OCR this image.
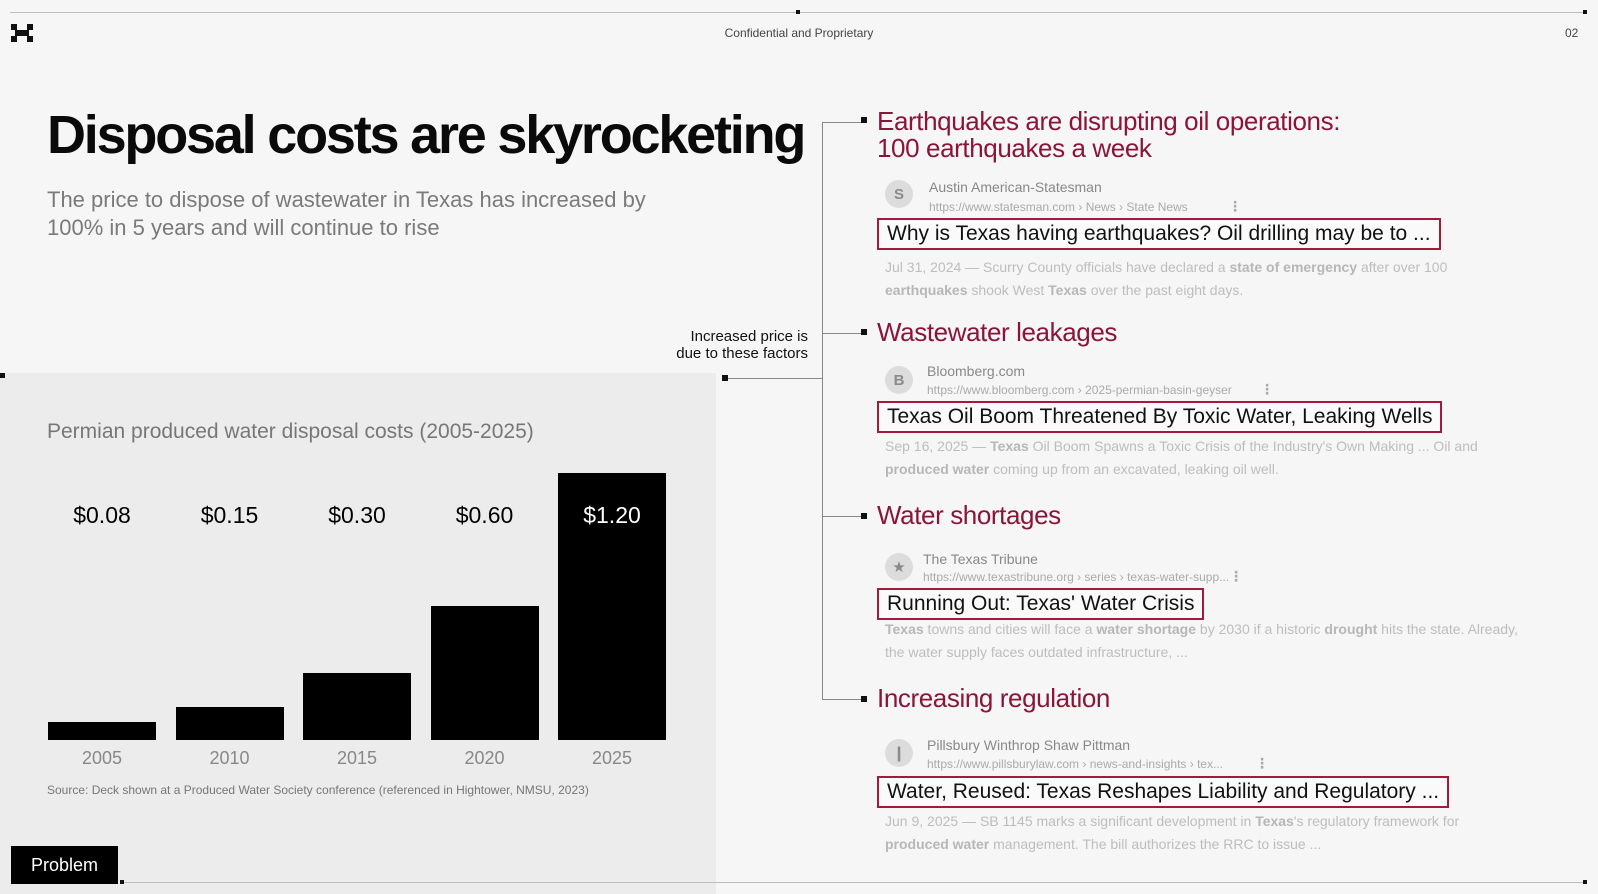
Confidential and Proprietary	02
Disposal costs are skyrocketing

The price to dispose of wastewater in Texas has increased by 100% in 5 years and will continue to rise

Permian produced water disposal costs (2005-2025)
$0.08
2005
$0.15
2010
$0.30
2015
$0.60
2020
$1.20
2025
Source: Deck shown at a Produced Water Society conference (referenced in Hightower, NMSU, 2023)
Problem
Increased price is
due to these factors
Earthquakes are disrupting oil operations:
100 earthquakes a week
S	Austin American-Statesman
https://www.statesman.com › News › State News	⋮
Why is Texas having earthquakes? Oil drilling may be to ...
Jul 31, 2024 — Scurry County officials have declared a state of emergency after over 100
earthquakes shook West Texas over the past eight days.
Wastewater leakages
B
Bloomberg.com
https://www.bloomberg.com › 2025-permian-basin-geyser ⋮
Texas Oil Boom Threatened By Toxic Water, Leaking Wells
Sep 16, 2025 — Texas Oil Boom Spawns a Toxic Crisis of the Industry's Own Making ... Oil and
produced water coming up from an excavated, leaking oil well.
Water shortages
★	The Texas Tribune
https://www.texastribune.org › series › texas-water-supp... ⋮
Running Out: Texas' Water Crisis
Texas towns and cities will face a water shortage by 2030 if a historic drought hits the state. Already,
the water supply faces outdated infrastructure, ...
Increasing regulation
❙	Pillsbury Winthrop Shaw Pittman
https://www.pillsburylaw.com › news-and-insights › tex... ⋮
Water, Reused: Texas Reshapes Liability and Regulatory ...
Jun 9, 2025 — SB 1145 marks a significant development in Texas's regulatory framework for
produced water management. The bill authorizes the RRC to issue ...
